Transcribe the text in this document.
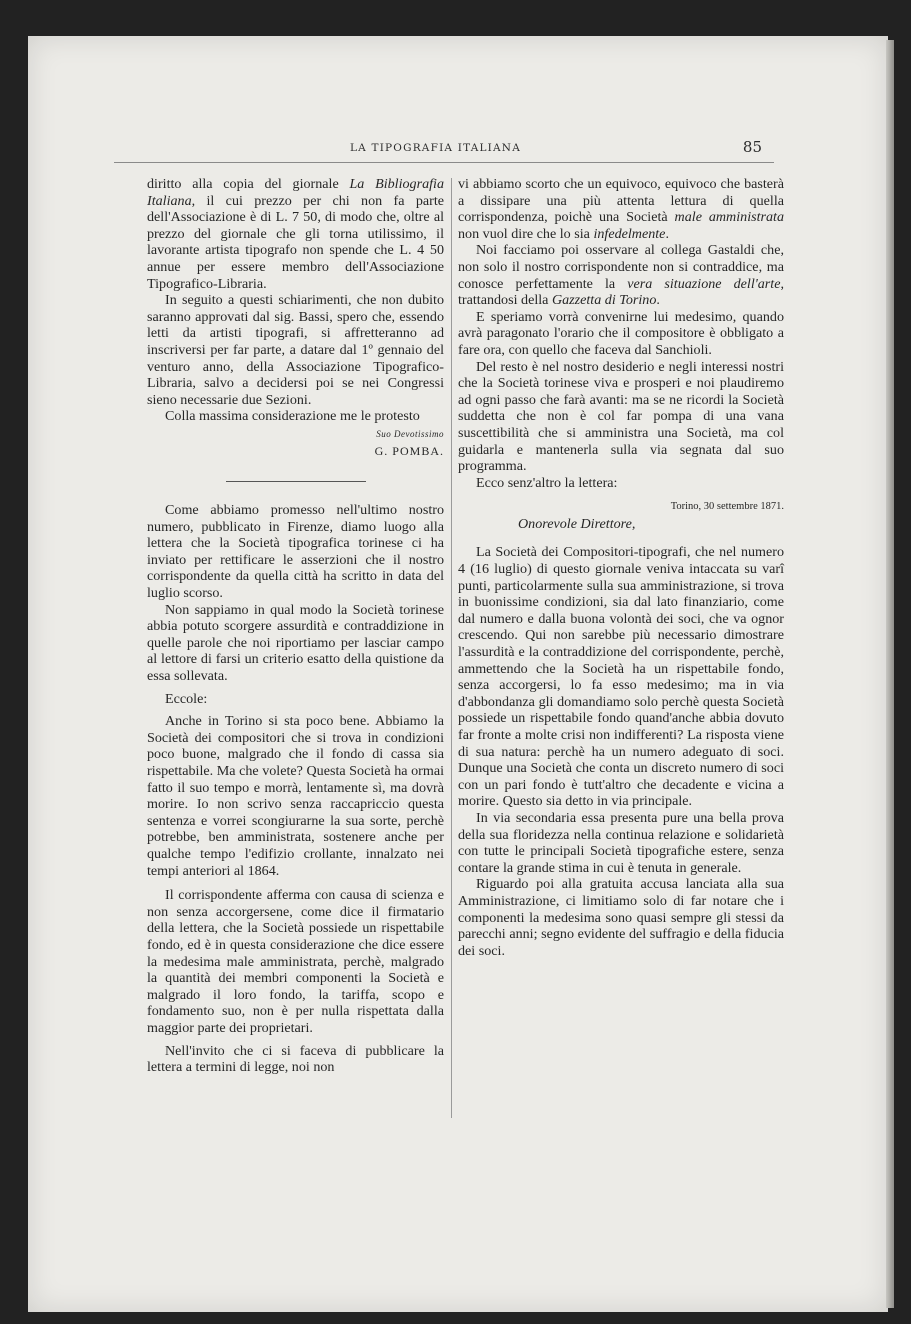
LA TIPOGRAFIA ITALIANA	85

diritto alla copia del giornale La Bibliografia Italiana, il cui prezzo per chi non fa parte dell'Associazione è di L. 7 50, di modo che, oltre al prezzo del giornale che gli torna utilissimo, il lavorante artista tipografo non spende che L. 4 50 annue per essere membro dell'Associazione Tipografico-Libraria.

In seguito a questi schiarimenti, che non dubito saranno approvati dal sig. Bassi, spero che, essendo letti da artisti tipografi, si affretteranno ad inscriversi per far parte, a datare dal 1º gennaio del venturo anno, della Associazione Tipografico-Libraria, salvo a decidersi poi se nei Congressi sieno necessarie due Sezioni.

Colla massima considerazione me le protesto

Suo Devotissimo

G. POMBA.

Come abbiamo promesso nell'ultimo nostro numero, pubblicato in Firenze, diamo luogo alla lettera che la Società tipografica torinese ci ha inviato per rettificare le asserzioni che il nostro corrispondente da quella città ha scritto in data del luglio scorso.

Non sappiamo in qual modo la Società torinese abbia potuto scorgere assurdità e contraddizione in quelle parole che noi riportiamo per lasciar campo al lettore di farsi un criterio esatto della quistione da essa sollevata.

Eccole:

Anche in Torino si sta poco bene. Abbiamo la Società dei compositori che si trova in condizioni poco buone, malgrado che il fondo di cassa sia rispettabile. Ma che volete? Questa Società ha ormai fatto il suo tempo e morrà, lentamente sì, ma dovrà morire. Io non scrivo senza raccapriccio questa sentenza e vorrei scongiurarne la sua sorte, perchè potrebbe, ben amministrata, sostenere anche per qualche tempo l'edifizio crollante, innalzato nei tempi anteriori al 1864.

Il corrispondente afferma con causa di scienza e non senza accorgersene, come dice il firmatario della lettera, che la Società possiede un rispettabile fondo, ed è in questa considerazione che dice essere la medesima male amministrata, perchè, malgrado la quantità dei membri componenti la Società e malgrado il loro fondo, la tariffa, scopo e fondamento suo, non è per nulla rispettata dalla maggior parte dei proprietari.

Nell'invito che ci si faceva di pubblicare la lettera a termini di legge, noi non

vi abbiamo scorto che un equivoco, equivoco che basterà a dissipare una più attenta lettura di quella corrispondenza, poichè una Società male amministrata non vuol dire che lo sia infedelmente.

Noi facciamo poi osservare al collega Gastaldi che, non solo il nostro corrispondente non si contraddice, ma conosce perfettamente la vera situazione dell'arte, trattandosi della Gazzetta di Torino.

E speriamo vorrà convenirne lui medesimo, quando avrà paragonato l'orario che il compositore è obbligato a fare ora, con quello che faceva dal Sanchioli.

Del resto è nel nostro desiderio e negli interessi nostri che la Società torinese viva e prosperi e noi plaudiremo ad ogni passo che farà avanti: ma se ne ricordi la Società suddetta che non è col far pompa di una vana suscettibilità che si amministra una Società, ma col guidarla e mantenerla sulla via segnata dal suo programma.

Ecco senz'altro la lettera:

Torino, 30 settembre 1871.

Onorevole Direttore,

La Società dei Compositori-tipografi, che nel numero 4 (16 luglio) di questo giornale veniva intaccata su varî punti, particolarmente sulla sua amministrazione, si trova in buonissime condizioni, sia dal lato finanziario, come dal numero e dalla buona volontà dei soci, che va ognor crescendo. Qui non sarebbe più necessario dimostrare l'assurdità e la contraddizione del corrispondente, perchè, ammettendo che la Società ha un rispettabile fondo, senza accorgersi, lo fa esso medesimo; ma in via d'abbondanza gli domandiamo solo perchè questa Società possiede un rispettabile fondo quand'anche abbia dovuto far fronte a molte crisi non indifferenti? La risposta viene di sua natura: perchè ha un numero adeguato di soci. Dunque una Società che conta un discreto numero di soci con un pari fondo è tutt'altro che decadente e vicina a morire. Questo sia detto in via principale.

In via secondaria essa presenta pure una bella prova della sua floridezza nella continua relazione e solidarietà con tutte le principali Società tipografiche estere, senza contare la grande stima in cui è tenuta in generale.

Riguardo poi alla gratuita accusa lanciata alla sua Amministrazione, ci limitiamo solo di far notare che i componenti la medesima sono quasi sempre gli stessi da parecchi anni; segno evidente del suffragio e della fiducia dei soci.
